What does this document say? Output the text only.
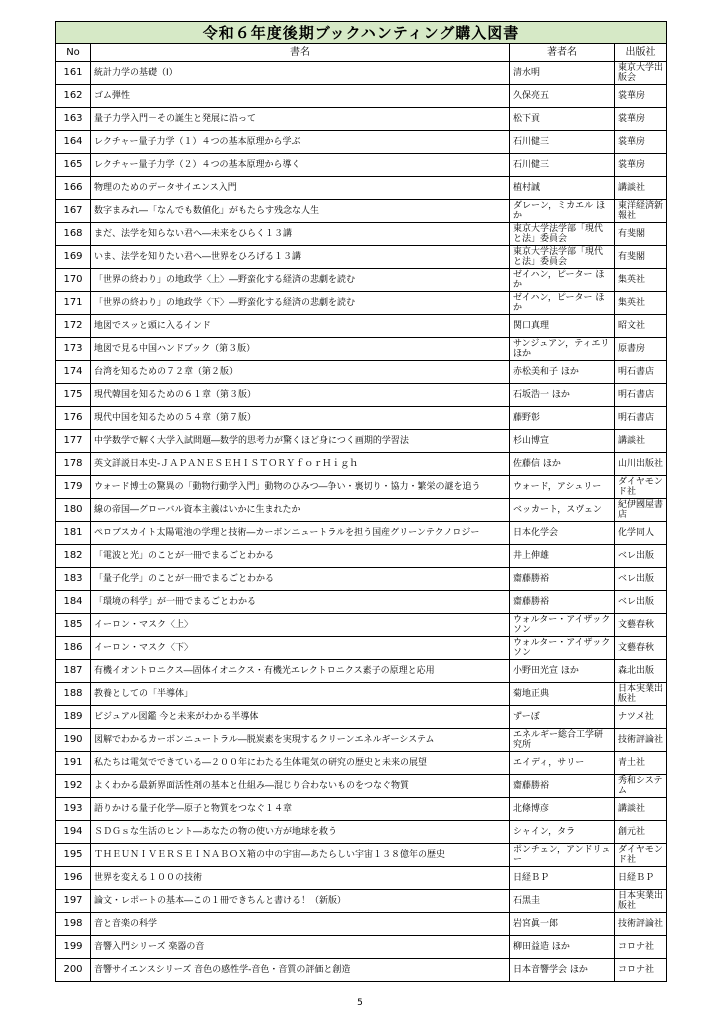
令和６年度後期ブックハンティング購入図書			
No	書名	著者名	出版社
161	統計力学の基礎（Ⅰ）	清水明	東京大学出版会
162	ゴム弾性	久保亮五	裳華房
163	量子力学入門－その誕生と発展に沿って	松下貢	裳華房
164	レクチャー量子力学（１）４つの基本原理から学ぶ	石川健三	裳華房
165	レクチャー量子力学（２）４つの基本原理から導く	石川健三	裳華房
166	物理のためのデータサイエンス入門	植村誠	講談社
167	数字まみれ―「なんでも数値化」がもたらす残念な人生	ダレーン，ミカエル ほか	東洋経済新報社
168	まだ、法学を知らない君へ―未来をひらく１３講	東京大学法学部「現代と法」委員会	有斐閣
169	いま、法学を知りたい君へ―世界をひろげる１３講	東京大学法学部「現代と法」委員会	有斐閣
170	「世界の終わり」の地政学〈上〉―野蛮化する経済の悲劇を読む	ゼイハン，ピーター ほか	集英社
171	「世界の終わり」の地政学〈下〉―野蛮化する経済の悲劇を読む	ゼイハン，ピーター ほか	集英社
172	地図でスッと頭に入るインド	関口真理	昭文社
173	地図で見る中国ハンドブック（第３版）	サンジュアン，ティエリ ほか	原書房
174	台湾を知るための７２章（第２版）	赤松美和子 ほか	明石書店
175	現代韓国を知るための６１章（第３版）	石坂浩一 ほか	明石書店
176	現代中国を知るための５４章（第７版）	藤野彰	明石書店
177	中学数学で解く大学入試問題―数学的思考力が驚くほど身につく画期的学習法	杉山博宣	講談社
178	英文詳説日本史‐ＪＡＰＡＮＥＳＥＨＩＳＴＯＲＹｆｏｒＨｉｇｈ	佐藤信 ほか	山川出版社
179	ウォード博士の驚異の「動物行動学入門」動物のひみつ―争い・裏切り・協力・繁栄の謎を追う	ウォード，アシュリー	ダイヤモンド社
180	線の帝国―グローバル資本主義はいかに生まれたか	ベッカート，スヴェン	紀伊國屋書店
181	ペロブスカイト太陽電池の学理と技術―カーボンニュートラルを担う国産グリーンテクノロジー	日本化学会	化学同人
182	「電波と光」のことが一冊でまるごとわかる	井上伸雄	ベレ出版
183	「量子化学」のことが一冊でまるごとわかる	齋藤勝裕	ベレ出版
184	「環境の科学」が一冊でまるごとわかる	齋藤勝裕	ベレ出版
185	イーロン・マスク〈上〉	ウォルター・アイザックソン	文藝春秋
186	イーロン・マスク〈下〉	ウォルター・アイザックソン	文藝春秋
187	有機イオントロニクス―固体イオニクス・有機光エレクトロニクス素子の原理と応用	小野田光宣 ほか	森北出版
188	教養としての「半導体」	菊地正典	日本実業出版社
189	ビジュアル図鑑 今と未来がわかる半導体	ずーぼ	ナツメ社
190	図解でわかるカーボンニュートラル―脱炭素を実現するクリーンエネルギーシステム	エネルギー総合工学研究所	技術評論社
191	私たちは電気でできている―２００年にわたる生体電気の研究の歴史と未来の展望	エイディ，サリー	青土社
192	よくわかる最新界面活性剤の基本と仕組み―混じり合わないものをつなぐ物質	齋藤勝裕	秀和システム
193	語りかける量子化学―原子と物質をつなぐ１４章	北條博彦	講談社
194	ＳＤＧｓな生活のヒント―あなたの物の使い方が地球を救う	シャイン，タラ	創元社
195	ＴＨＥＵＮＩＶＥＲＳＥＩＮＡＢＯＸ箱の中の宇宙―あたらしい宇宙１３８億年の歴史	ポンチェン，アンドリュー	ダイヤモンド社
196	世界を変える１００の技術	日経ＢＰ	日経ＢＰ
197	論文・レポートの基本―この１冊できちんと書ける！（新版）	石黒圭	日本実業出版社
198	音と音楽の科学	岩宮眞一郎	技術評論社
199	音響入門シリーズ 楽器の音	柳田益造 ほか	コロナ社
200	音響サイエンスシリーズ 音色の感性学‐音色・音質の評価と創造	日本音響学会 ほか	コロナ社
5
